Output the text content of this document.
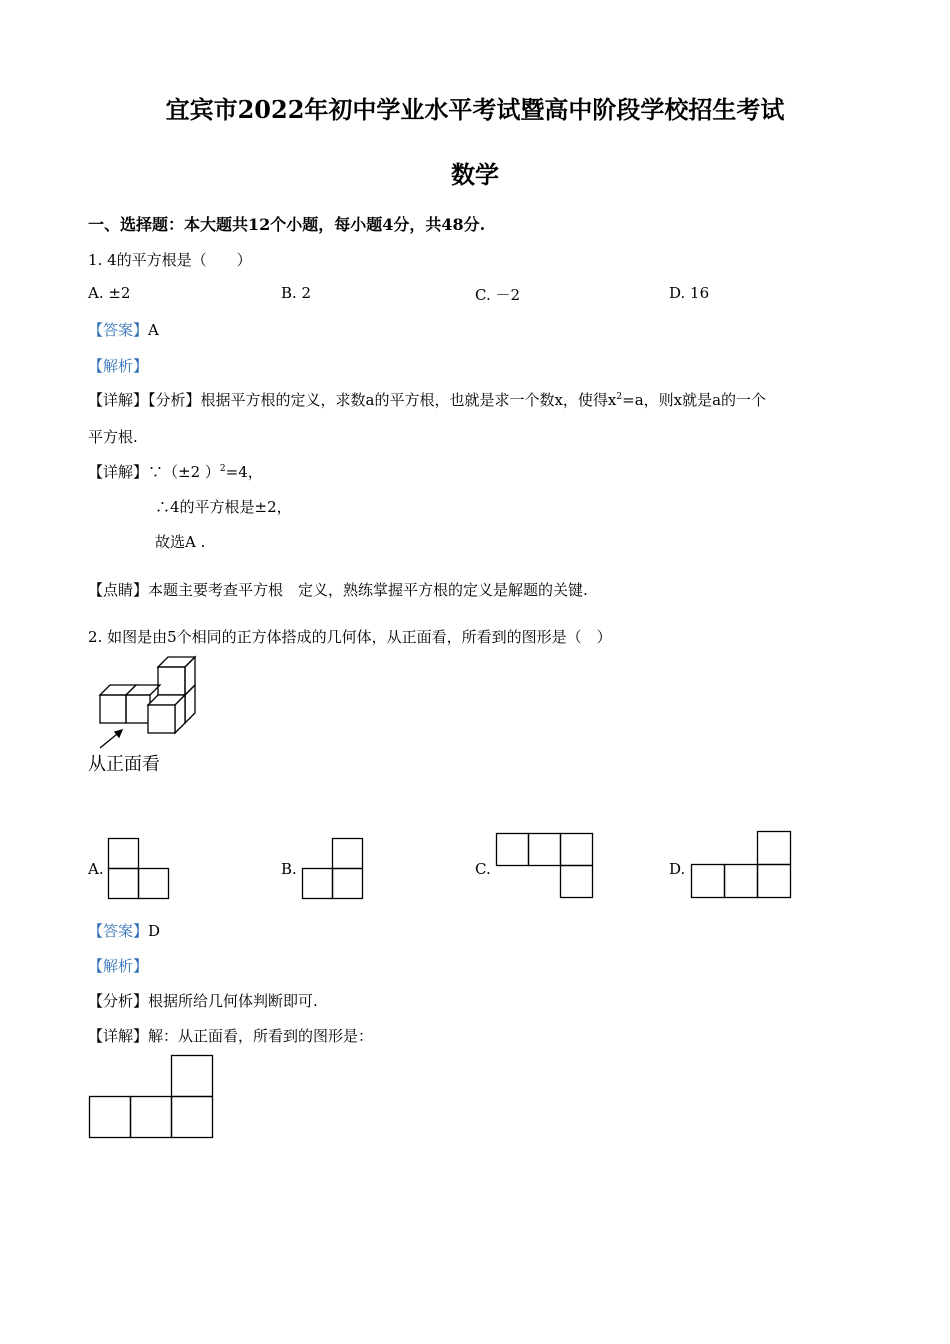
宜宾市2022年初中学业水平考试暨高中阶段学校招生考试
数学
一、选择题：本大题共12个小题，每小题4分，共48分.
1. 4的平方根是（　　）
A. ±2	B. 2	C. －2	D. 16
【答案】A
【解析】
【详解】【分析】根据平方根的定义，求数a的平方根，也就是求一个数x，使得$x^2=a$，则x就是a的一个
平方根.
【详解】∵（±2 ）$^2$=4，
∴4的平方根是±2，
故选A .
【点睛】本题主要考查平方根　定义，熟练掌握平方根的定义是解题的关键.
2. 如图是由5个相同的正方体搭成的几何体，从正面看，所看到的图形是（　）
从正面看
A.	B.	C.	D.
【答案】D
【解析】
【分析】根据所给几何体判断即可.
【详解】解：从正面看，所看到的图形是：
